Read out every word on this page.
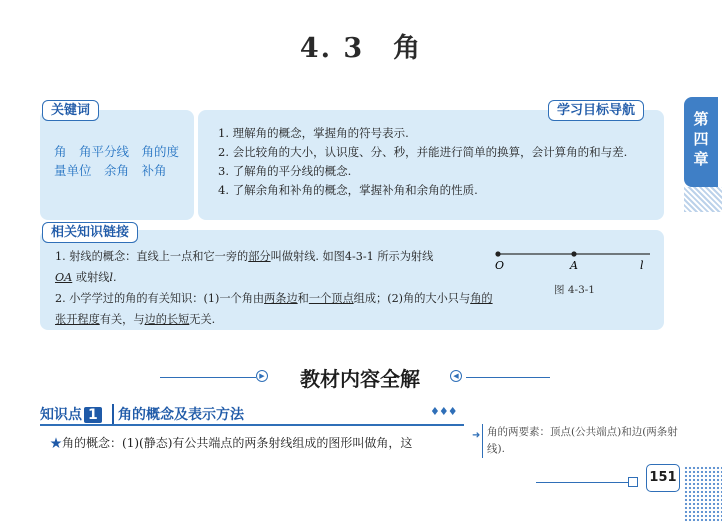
4. 3　角
第四章
关键词
角　角平分线　角的度量单位　余角　补角
学习目标导航
1. 理解角的概念，掌握角的符号表示.
2. 会比较角的大小，认识度、分、秒，并能进行简单的换算，会计算角的和与差.
3. 了解角的平分线的概念.
4. 了解余角和补角的概念，掌握补角和余角的性质.
相关知识链接
1. 射线的概念：直线上一点和它一旁的部分叫做射线. 如图4-3-1 所示为射线
OA 或射线l.
2. 小学学过的角的有关知识：(1)一个角由两条边和一个顶点组成；(2)角的大小只与角的张开程度有关，与边的长短无关.
O	A	l
图 4-3-1
▶	教材内容全解	◀
知识点 1	角的概念及表示方法	♦♦♦
★角的概念：(1)(静态)有公共端点的两条射线组成的图形叫做角，这
➜ 角的两要素：顶点(公共端点)和边(两条射线).
151
